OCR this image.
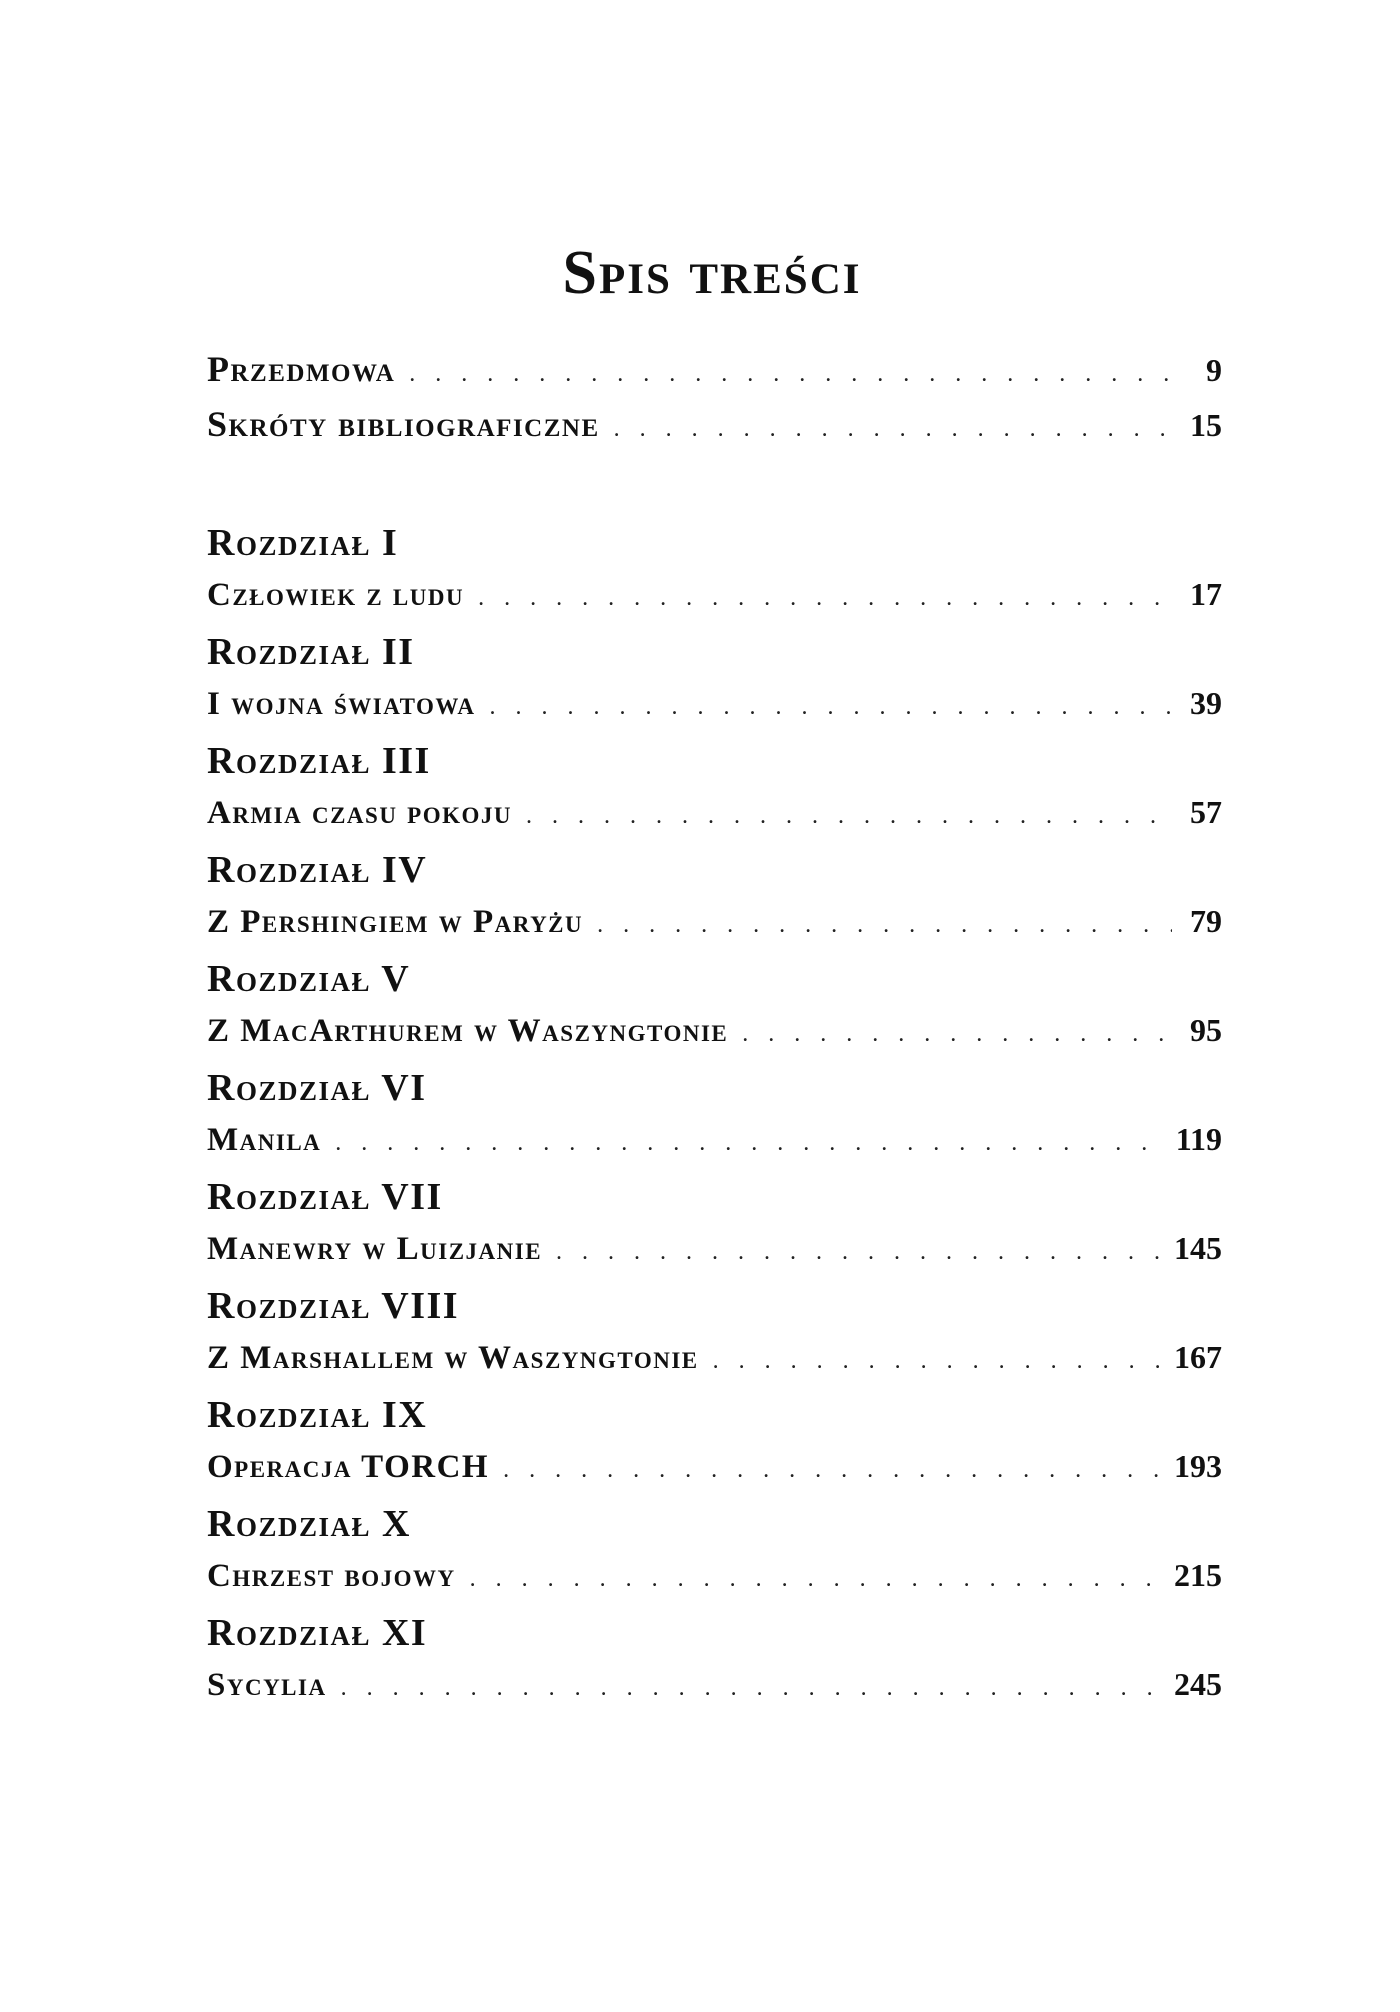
Spis treści
Przedmowa . . .	9
Skróty bibliograficzne . . .	15
Rozdział I
Człowiek z ludu . . .	17
Rozdział II
I wojna światowa . . .	39
Rozdział III
Armia czasu pokoju . . .	57
Rozdział IV
Z Pershingiem w Paryżu . . .	79
Rozdział V
Z MacArthurem w Waszyngtonie . . .	95
Rozdział VI
Manila . . .	119
Rozdział VII
Manewry w Luizjanie . . .	145
Rozdział VIII
Z Marshallem w Waszyngtonie . . .	167
Rozdział IX
Operacja TORCH . . .	193
Rozdział X
Chrzest bojowy . . .	215
Rozdział XI
Sycylia . . .	245
